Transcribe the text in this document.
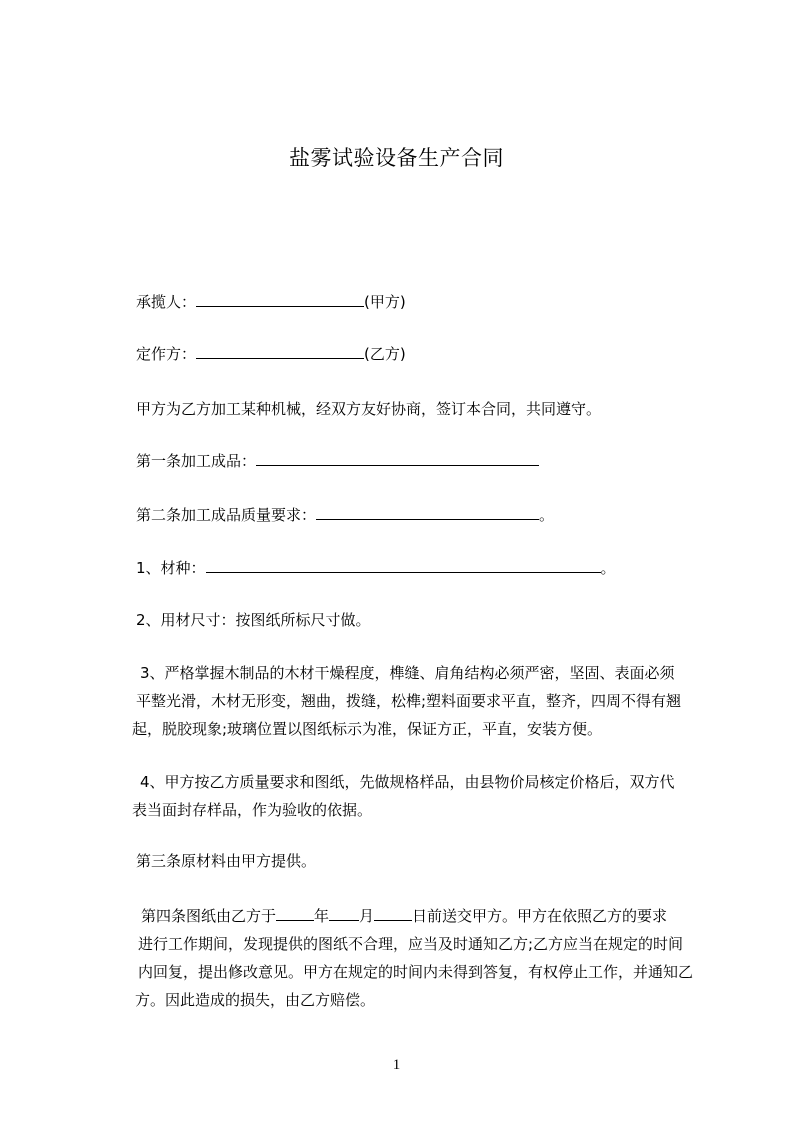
盐雾试验设备生产合同
承揽人：	(甲方)
定作方：	(乙方)
甲方为乙方加工某种机械，经双方友好协商，签订本合同，共同遵守。
第一条加工成品：
第二条加工成品质量要求：	。
1、材种：	。
2、用材尺寸：按图纸所标尺寸做。
3、严格掌握木制品的木材干燥程度，榫缝、肩角结构必须严密，坚固、表面必须
平整光滑，木材无形变，翘曲，拨缝，松榫;塑料面要求平直，整齐，四周不得有翘
起，脱胶现象;玻璃位置以图纸标示为准，保证方正，平直，安装方便。
4、甲方按乙方质量要求和图纸，先做规格样品，由县物价局核定价格后，双方代
表当面封存样品，作为验收的依据。
第三条原材料由甲方提供。
第四条图纸由乙方于	年 月	日前送交甲方。甲方在依照乙方的要求
进行工作期间，发现提供的图纸不合理，应当及时通知乙方;乙方应当在规定的时间
内回复，提出修改意见。甲方在规定的时间内未得到答复，有权停止工作，并通知乙
方。因此造成的损失，由乙方赔偿。
1
